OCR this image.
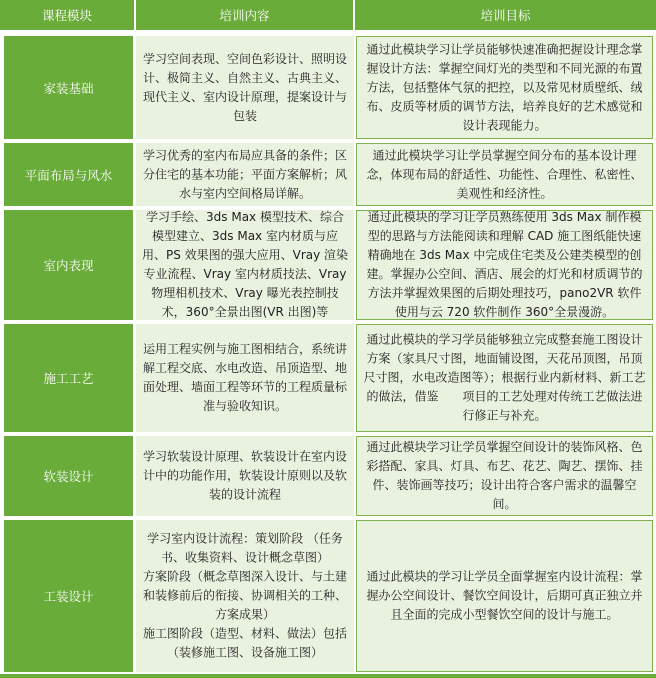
课程模块	培训内容	培训目标
家装基础
学习空间表现、空间色彩设计、照明设计、极简主义、自然主义、古典主义、现代主义、室内设计原理，提案设计与包装
通过此模块学习让学员能够快速准确把握设计理念掌握设计方法：掌握空间灯光的类型和不同光源的布置方法，包括整体气氛的把控，以及常见材质壁纸、绒布、皮质等材质的调节方法，培养良好的艺术感觉和设计表现能力。
平面布局与风水
学习优秀的室内布局应具备的条件；区分住宅的基本功能；平面方案解析；风水与室内空间格局详解。
通过此模块学习让学员掌握空间分布的基本设计理念，体现布局的舒适性、功能性、合理性、私密性、美观性和经济性。
室内表现
学习手绘、3ds Max 模型技术、综合模型建立、3ds Max 室内材质与应用、PS 效果图的强大应用、Vray 渲染专业流程、Vray 室内材质技法、Vray 物理相机技术、Vray 曝光表控制技术，360°全景出图(VR 出图)等
通过此模块的学习让学员熟练使用 3ds Max 制作模型的思路与方法能阅读和理解 CAD 施工图纸能快速精确地在 3ds Max 中完成住宅类及公建类模型的创建。掌握办公空间、酒店、展会的灯光和材质调节的方法并掌握效果图的后期处理技巧，pano2VR 软件使用与云 720 软件制作 360°全景漫游。
施工工艺
运用工程实例与施工图相结合，系统讲解工程交底、水电改造、吊顶造型、地面处理、墙面工程等环节的工程质量标准与验收知识。
通过此模块的学习学员能够独立完成整套施工图设计方案（家具尺寸图，地面铺设图，天花吊顶图，吊顶尺寸图，水电改造图等）；根据行业内新材料、新工艺的做法，借鉴　　项目的工艺处理对传统工艺做法进行修正与补充。
软装设计
学习软装设计原理、软装设计在室内设计中的功能作用，软装设计原则以及软装的设计流程
通过此模块学习让学员掌握空间设计的装饰风格、色彩搭配、家具、灯具、布艺、花艺、陶艺、摆饰、挂件、装饰画等技巧；设计出符合客户需求的温馨空间。
工装设计

学习室内设计流程：策划阶段 （任务书、收集资料、设计概念草图）

方案阶段（概念草图深入设计、与土建和装修前后的衔接、协调相关的工种、方案成果）

施工图阶段（造型、材料、做法）包括（装修施工图、设备施工图）

通过此模块的学习让学员全面掌握室内设计流程：掌握办公空间设计、餐饮空间设计，后期可真正独立并且全面的完成小型餐饮空间的设计与施工。
